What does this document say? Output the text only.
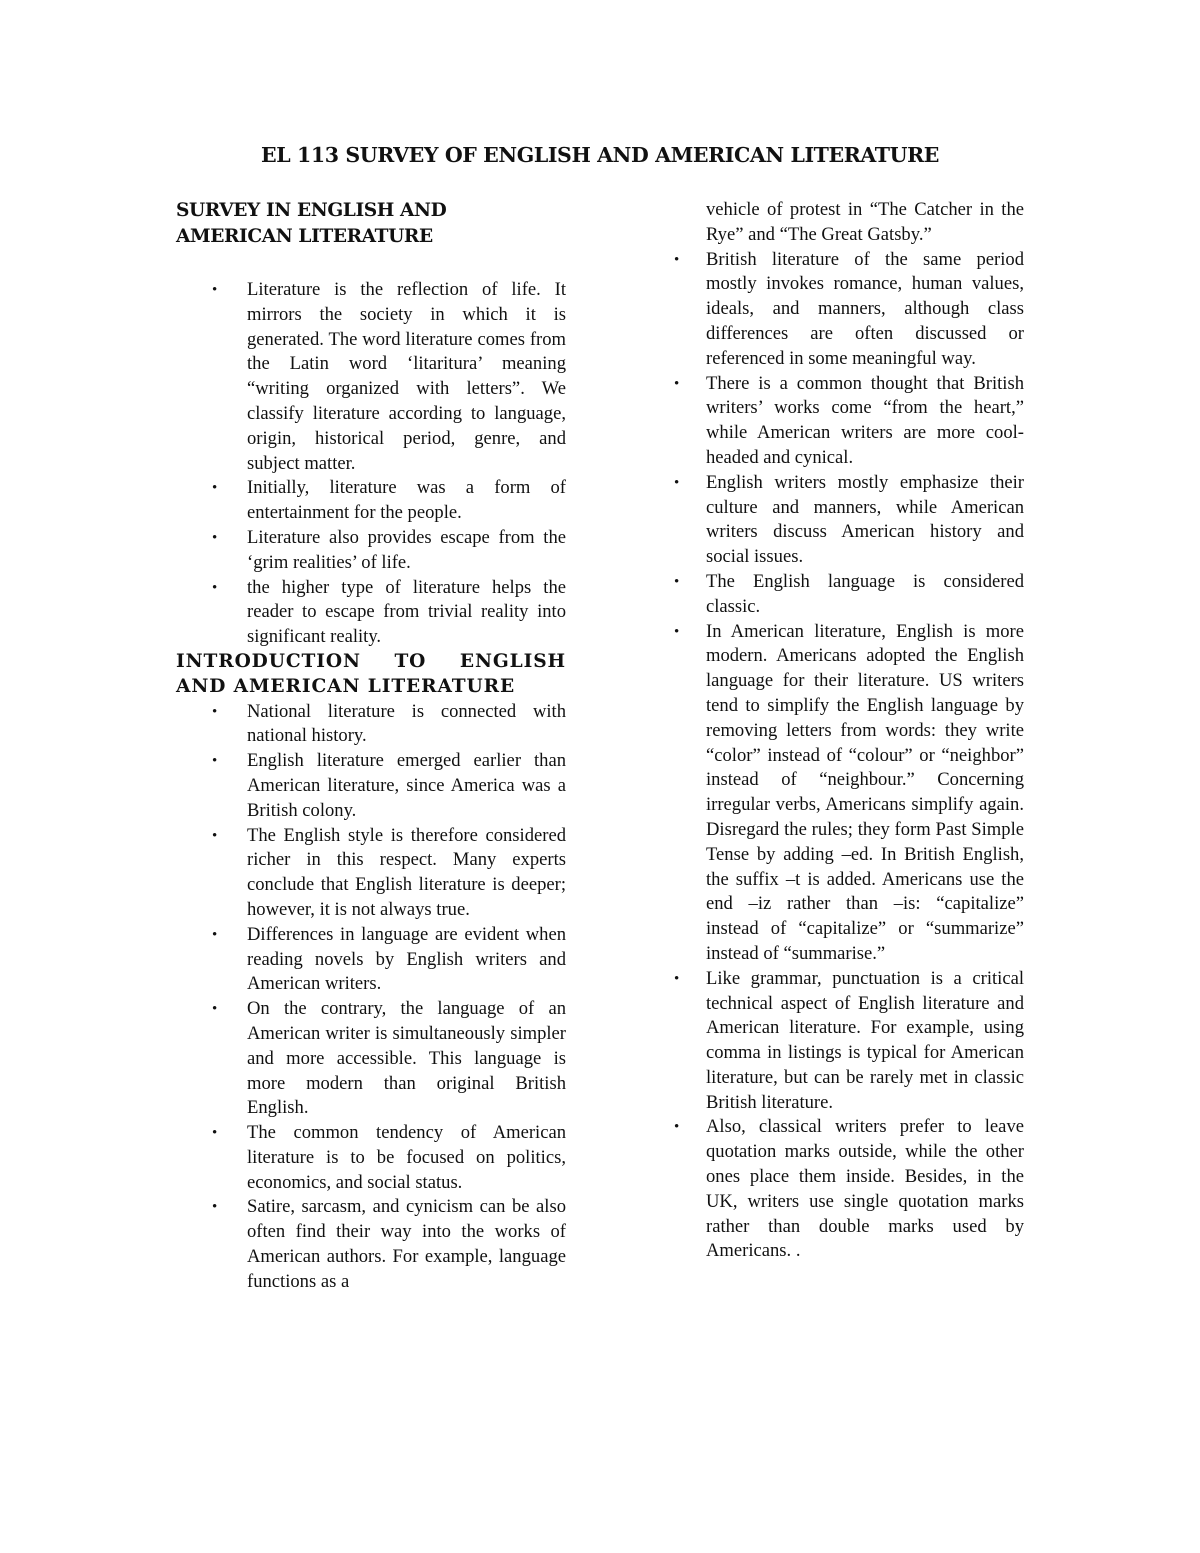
EL 113 SURVEY OF ENGLISH AND AMERICAN LITERATURE
SURVEY IN ENGLISH AND AMERICAN LITERATURE
• Literature is the reflection of life. It mirrors the society in which it is generated. The word literature comes from the Latin word ‘litaritura’ meaning “writing organized with letters”. We classify literature according to language, origin, historical period, genre, and subject matter.
• Initially, literature was a form of entertainment for the people.
• Literature also provides escape from the ‘grim realities’ of life.
• the higher type of literature helps the reader to escape from trivial reality into significant reality.
INTRODUCTION TO ENGLISH AND AMERICAN LITERATURE
• National literature is connected with national history.
• English literature emerged earlier than American literature, since America was a British colony.
• The English style is therefore considered richer in this respect. Many experts conclude that English literature is deeper; however, it is not always true.
• Differences in language are evident when reading novels by English writers and American writers.
• On the contrary, the language of an American writer is simultaneously simpler and more accessible. This language is more modern than original British English.
• The common tendency of American literature is to be focused on politics, economics, and social status.
• Satire, sarcasm, and cynicism can be also often find their way into the works of American authors. For example, language functions as a

vehicle of protest in “The Catcher in the Rye” and “The Great Gatsby.”

• British literature of the same period mostly invokes romance, human values, ideals, and manners, although class differences are often discussed or referenced in some meaningful way.
• There is a common thought that British writers’ works come “from the heart,” while American writers are more cool-headed and cynical.
• English writers mostly emphasize their culture and manners, while American writers discuss American history and social issues.
• The English language is considered classic.
• In American literature, English is more modern. Americans adopted the English language for their literature. US writers tend to simplify the English language by removing letters from words: they write “color” instead of “colour” or “neighbor” instead of “neighbour.” Concerning irregular verbs, Americans simplify again. Disregard the rules; they form Past Simple Tense by adding –ed. In British English, the suffix –t is added. Americans use the end –iz rather than –is: “capitalize” instead of “capitalize” or “summarize” instead of “summarise.”
• Like grammar, punctuation is a critical technical aspect of English literature and American literature. For example, using comma in listings is typical for American literature, but can be rarely met in classic British literature.
• Also, classical writers prefer to leave quotation marks outside, while the other ones place them inside. Besides, in the UK, writers use single quotation marks rather than double marks used by Americans. .
